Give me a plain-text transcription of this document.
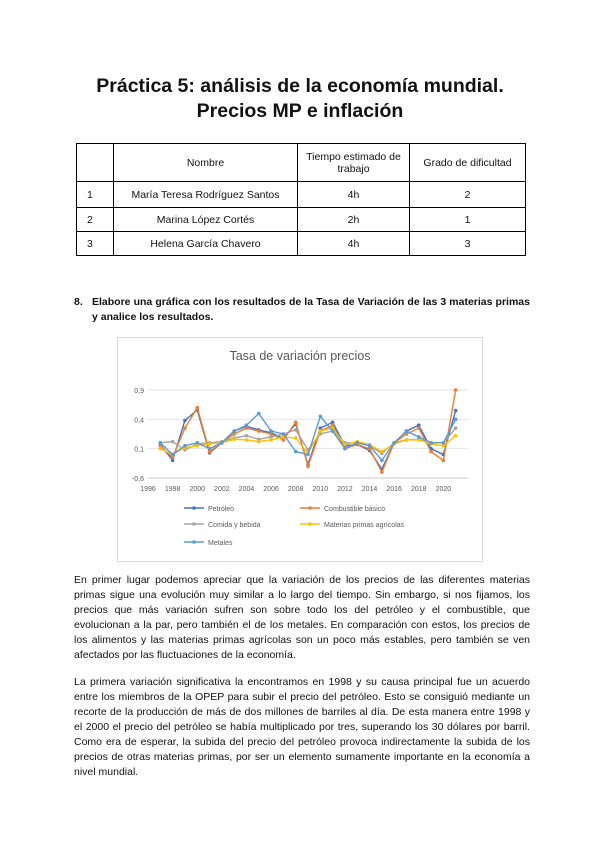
Práctica 5: análisis de la economía mundial.
Precios MP e inflación
	Nombre	Tiempo estimado de trabajo	Grado de dificultad
1	María Teresa Rodríguez Santos	4h	2
2	Marina López Cortés	2h	1
3	Helena García Chavero	4h	3
8. Elabore una gráfica con los resultados de la Tasa de Variación de las 3 materias primas y analice los resultados.
Tasa de variación precios
0,9
0,4
0,1
-0,6
1996 1998 2000 2002 2004 2006 2008 2010 2012 2014 2016 2018 2020
Petróleo	Combustible básico
Comida y bebida	Materias primas agrícolas
Metales

En primer lugar podemos apreciar que la variación de los precios de las diferentes materias primas sigue una evolución muy similar a lo largo del tiempo. Sin embargo, si nos fijamos, los precios que más variación sufren son sobre todo los del petróleo y el combustible, que evolucionan a la par, pero también el de los metales. En comparación con estos, los precios de los alimentos y las materias primas agrícolas son un poco más estables, pero también se ven afectados por las fluctuaciones de la economía.

La primera variación significativa la encontramos en 1998 y su causa principal fue un acuerdo entre los miembros de la OPEP para subir el precio del petróleo. Esto se consiguió mediante un recorte de la producción de más de dos millones de barriles al día. De esta manera entre 1998 y el 2000 el precio del petróleo se había multiplicado por tres, superando los 30 dólares por barril. Como era de esperar, la subida del precio del petróleo provoca indirectamente la subida de los precios de otras materias primas, por ser un elemento sumamente importante en la economía a nivel mundial.
